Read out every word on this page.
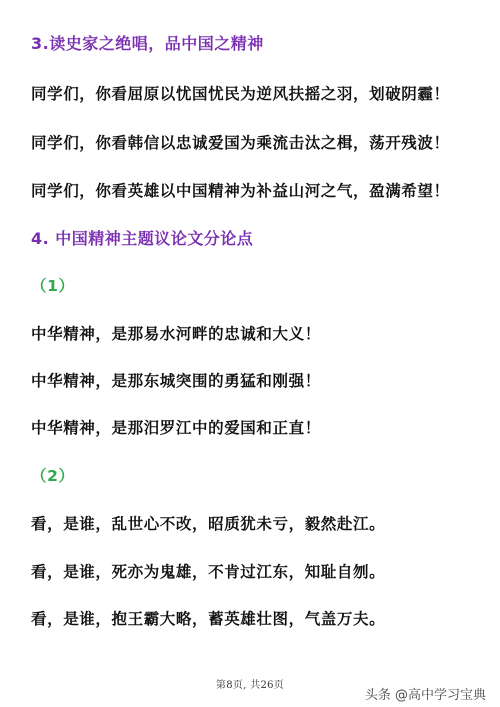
3.读史家之绝唱，品中国之精神
同学们，你看屈原以忧国忧民为逆风扶摇之羽，划破阴霾！
同学们，你看韩信以忠诚爱国为乘流击汰之楫，荡开残波！
同学们，你看英雄以中国精神为补益山河之气，盈满希望！
4. 中国精神主题议论文分论点
（1）
中华精神，是那易水河畔的忠诚和大义！
中华精神，是那东城突围的勇猛和刚强！
中华精神，是那汨罗江中的爱国和正直！
（2）
看，是谁，乱世心不改，昭质犹未亏，毅然赴江。
看，是谁，死亦为鬼雄，不肯过江东，知耻自刎。
看，是谁，抱王霸大略，蓄英雄壮图，气盖万夫。
第8页, 共26页
头条 @高中学习宝典
